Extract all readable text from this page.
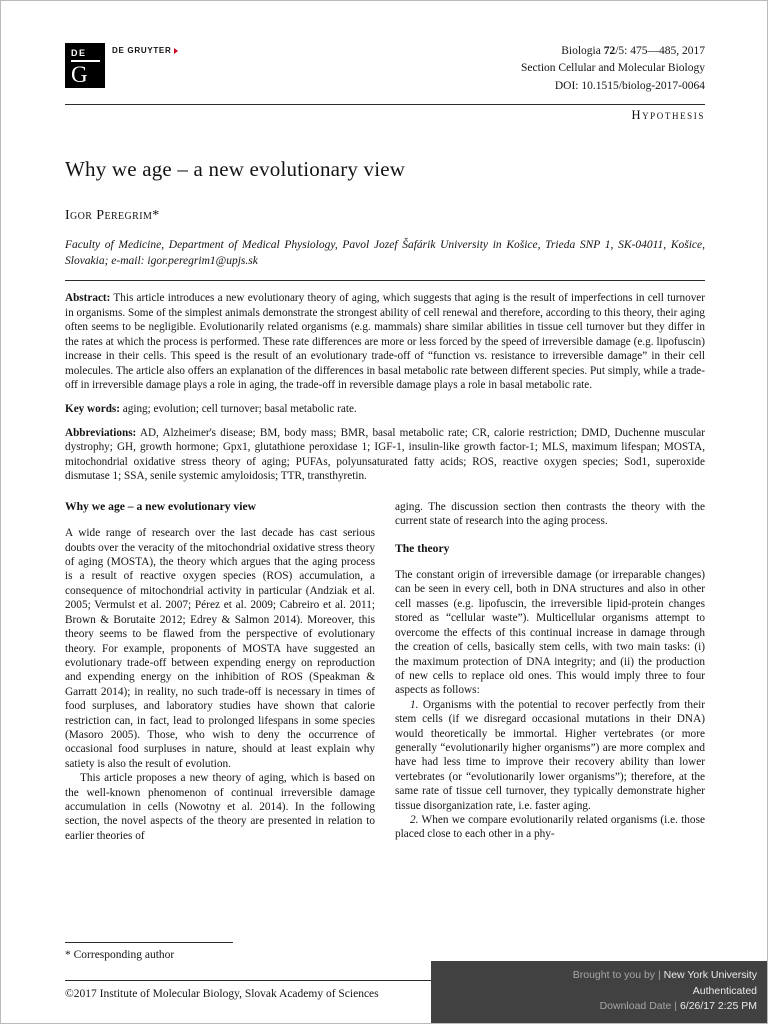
DE
G
DE GRUYTER	Biologia 72/5: 475—485, 2017
Section Cellular and Molecular Biology
DOI: 10.1515/biolog-2017-0064
Hypothesis
Why we age – a new evolutionary view
Igor Peregrim*
Faculty of Medicine, Department of Medical Physiology, Pavol Jozef Šafárik University in Košice, Trieda SNP 1, SK-04011, Košice, Slovakia; e-mail: igor.peregrim1@upjs.sk

Abstract: This article introduces a new evolutionary theory of aging, which suggests that aging is the result of imperfections in cell turnover in organisms. Some of the simplest animals demonstrate the strongest ability of cell renewal and therefore, according to this theory, their aging often seems to be negligible. Evolutionarily related organisms (e.g. mammals) share similar abilities in tissue cell turnover but they differ in the rates at which the process is performed. These rate differences are more or less forced by the speed of irreversible damage (e.g. lipofuscin) increase in their cells. This speed is the result of an evolutionary trade-off of “function vs. resistance to irreversible damage” in their cell molecules. The article also offers an explanation of the differences in basal metabolic rate between different species. Put simply, while a trade-off in irreversible damage plays a role in aging, the trade-off in reversible damage plays a role in basal metabolic rate.

Key words: aging; evolution; cell turnover; basal metabolic rate.

Abbreviations: AD, Alzheimer's disease; BM, body mass; BMR, basal metabolic rate; CR, calorie restriction; DMD, Duchenne muscular dystrophy; GH, growth hormone; Gpx1, glutathione peroxidase 1; IGF-1, insulin-like growth factor-1; MLS, maximum lifespan; MOSTA, mitochondrial oxidative stress theory of aging; PUFAs, polyunsaturated fatty acids; ROS, reactive oxygen species; Sod1, superoxide dismutase 1; SSA, senile systemic amyloidosis; TTR, transthyretin.

Why we age – a new evolutionary view

A wide range of research over the last decade has cast serious doubts over the veracity of the mitochondrial oxidative stress theory of aging (MOSTA), the theory which argues that the aging process is a result of reactive oxygen species (ROS) accumulation, a consequence of mitochondrial activity in particular (Andziak et al. 2005; Vermulst et al. 2007; Pérez et al. 2009; Cabreiro et al. 2011; Brown & Borutaite 2012; Edrey & Salmon 2014). Moreover, this theory seems to be flawed from the perspective of evolutionary theory. For example, proponents of MOSTA have suggested an evolutionary trade-off between expending energy on reproduction and expending energy on the inhibition of ROS (Speakman & Garratt 2014); in reality, no such trade-off is necessary in times of food surpluses, and laboratory studies have shown that calorie restriction can, in fact, lead to prolonged lifespans in some species (Masoro 2005). Those, who wish to deny the occurrence of occasional food surpluses in nature, should at least explain why satiety is also the result of evolution.

This article proposes a new theory of aging, which is based on the well-known phenomenon of continual irreversible damage accumulation in cells (Nowotny et al. 2014). In the following section, the novel aspects of the theory are presented in relation to earlier theories of

aging. The discussion section then contrasts the theory with the current state of research into the aging process.

The theory

The constant origin of irreversible damage (or irreparable changes) can be seen in every cell, both in DNA structures and also in other cell masses (e.g. lipofuscin, the irreversible lipid-protein changes stored as “cellular waste”). Multicellular organisms attempt to overcome the effects of this continual increase in damage through the creation of cells, basically stem cells, with two main tasks: (i) the maximum protection of DNA integrity; and (ii) the production of new cells to replace old ones. This would imply three to four aspects as follows:

1. Organisms with the potential to recover perfectly from their stem cells (if we disregard occasional mutations in their DNA) would theoretically be immortal. Higher vertebrates (or more generally “evolutionarily higher organisms”) are more complex and have had less time to improve their recovery ability than lower vertebrates (or “evolutionarily lower organisms”); therefore, at the same rate of tissue cell turnover, they typically demonstrate higher tissue disorganization rate, i.e. faster aging.

2. When we compare evolutionarily related organisms (i.e. those placed close to each other in a phy-

* Corresponding author
©2017 Institute of Molecular Biology, Slovak Academy of Sciences
Brought to you by | New York University
Authenticated
Download Date | 6/26/17 2:25 PM
